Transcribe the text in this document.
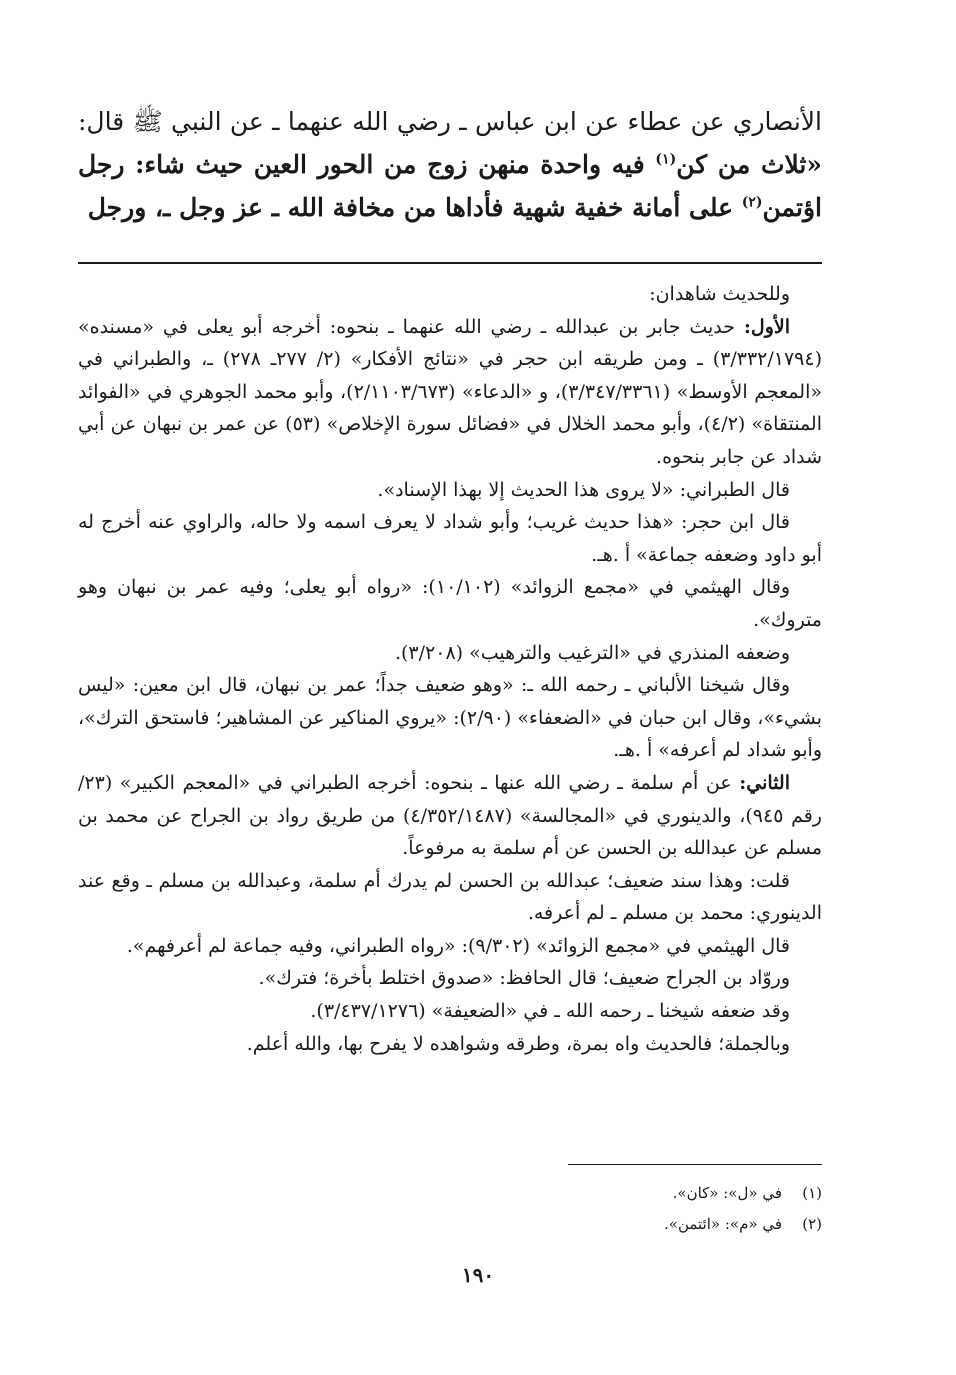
الأنصاري عن عطاء عن ابن عباس ـ رضي الله عنهما ـ عن النبي ﷺ قال: «ثلاث من كن$^{(١)}$ فيه واحدة منهن زوج من الحور العين حيث شاء: رجل اؤتمن$^{(٢)}$ على أمانة خفية شهية فأداها من مخافة الله ـ عز وجل ـ، ورجل

وللحديث شاهدان:

الأول: حديث جابر بن عبدالله ـ رضي الله عنهما ـ بنحوه: أخرجه أبو يعلى في «مسنده» (٣/٣٣٢/١٧٩٤) ـ ومن طريقه ابن حجر في «نتائج الأفكار» (٢/ ٢٧٧ـ ٢٧٨) ـ، والطبراني في «المعجم الأوسط» (٣/٣٤٧/٣٣٦١)، و «الدعاء» (٢/١١٠٣/٦٧٣)، وأبو محمد الجوهري في «الفوائد المنتقاة» (٤/٢)، وأبو محمد الخلال في «فضائل سورة الإخلاص» (٥٣) عن عمر بن نبهان عن أبي شداد عن جابر بنحوه.

قال الطبراني: «لا يروى هذا الحديث إلا بهذا الإسناد».

قال ابن حجر: «هذا حديث غريب؛ وأبو شداد لا يعرف اسمه ولا حاله، والراوي عنه أخرج له أبو داود وضعفه جماعة» أ .هـ.

وقال الهيثمي في «مجمع الزوائد» (١٠/١٠٢): «رواه أبو يعلى؛ وفيه عمر بن نبهان وهو متروك».

وضعفه المنذري في «الترغيب والترهيب» (٣/٢٠٨).

وقال شيخنا الألباني ـ رحمه الله ـ: «وهو ضعيف جداً؛ عمر بن نبهان، قال ابن معين: «ليس بشيء»، وقال ابن حبان في «الضعفاء» (٢/٩٠): «يروي المناكير عن المشاهير؛ فاستحق الترك»، وأبو شداد لم أعرفه» أ .هـ.

الثاني: عن أم سلمة ـ رضي الله عنها ـ بنحوه: أخرجه الطبراني في «المعجم الكبير» (٢٣/رقم ٩٤٥)، والدينوري في «المجالسة» (٤/٣٥٢/١٤٨٧) من طريق رواد بن الجراح عن محمد بن مسلم عن عبدالله بن الحسن عن أم سلمة به مرفوعاً.

قلت: وهذا سند ضعيف؛ عبدالله بن الحسن لم يدرك أم سلمة، وعبدالله بن مسلم ـ وقع عند الدينوري: محمد بن مسلم ـ لم أعرفه.

قال الهيثمي في «مجمع الزوائد» (٩/٣٠٢): «رواه الطبراني، وفيه جماعة لم أعرفهم».

وروّاد بن الجراح ضعيف؛ قال الحافظ: «صدوق اختلط بأخرة؛ فترك».

وقد ضعفه شيخنا ـ رحمه الله ـ في «الضعيفة» (٣/٤٣٧/١٢٧٦).

وبالجملة؛ فالحديث واه بمرة، وطرقه وشواهده لا يفرح بها، والله أعلم.

(١)في «ل»: «كان».

(٢)في «م»: «ائتمن».

١٩٠
